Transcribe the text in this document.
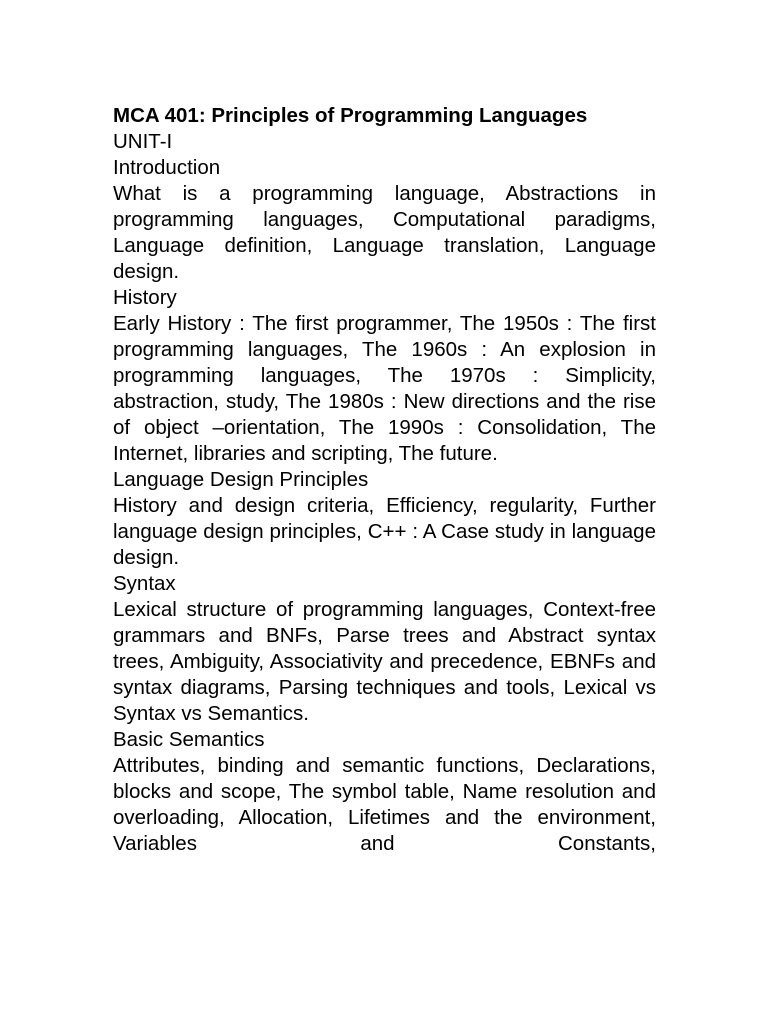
MCA 401: Principles of Programming Languages

UNIT-I

Introduction

What is a programming language, Abstractions in programming languages, Computational paradigms, Language definition, Language translation, Language design.

History

Early History : The first programmer, The 1950s : The first programming languages, The 1960s : An explosion in programming languages, The 1970s : Simplicity, abstraction, study, The 1980s : New directions and the rise of object –orientation, The 1990s : Consolidation, The Internet, libraries and scripting, The future.

Language Design Principles

History and design criteria, Efficiency, regularity, Further language design principles, C++ : A Case study in language design.

Syntax

Lexical structure of programming languages, Context-free grammars and BNFs, Parse trees and Abstract syntax trees, Ambiguity, Associativity and precedence, EBNFs and syntax diagrams, Parsing techniques and tools, Lexical vs Syntax vs Semantics.

Basic Semantics

Attributes, binding and semantic functions, Declarations, blocks and scope, The symbol table, Name resolution and overloading, Allocation, Lifetimes and the environment, Variables and Constants,
